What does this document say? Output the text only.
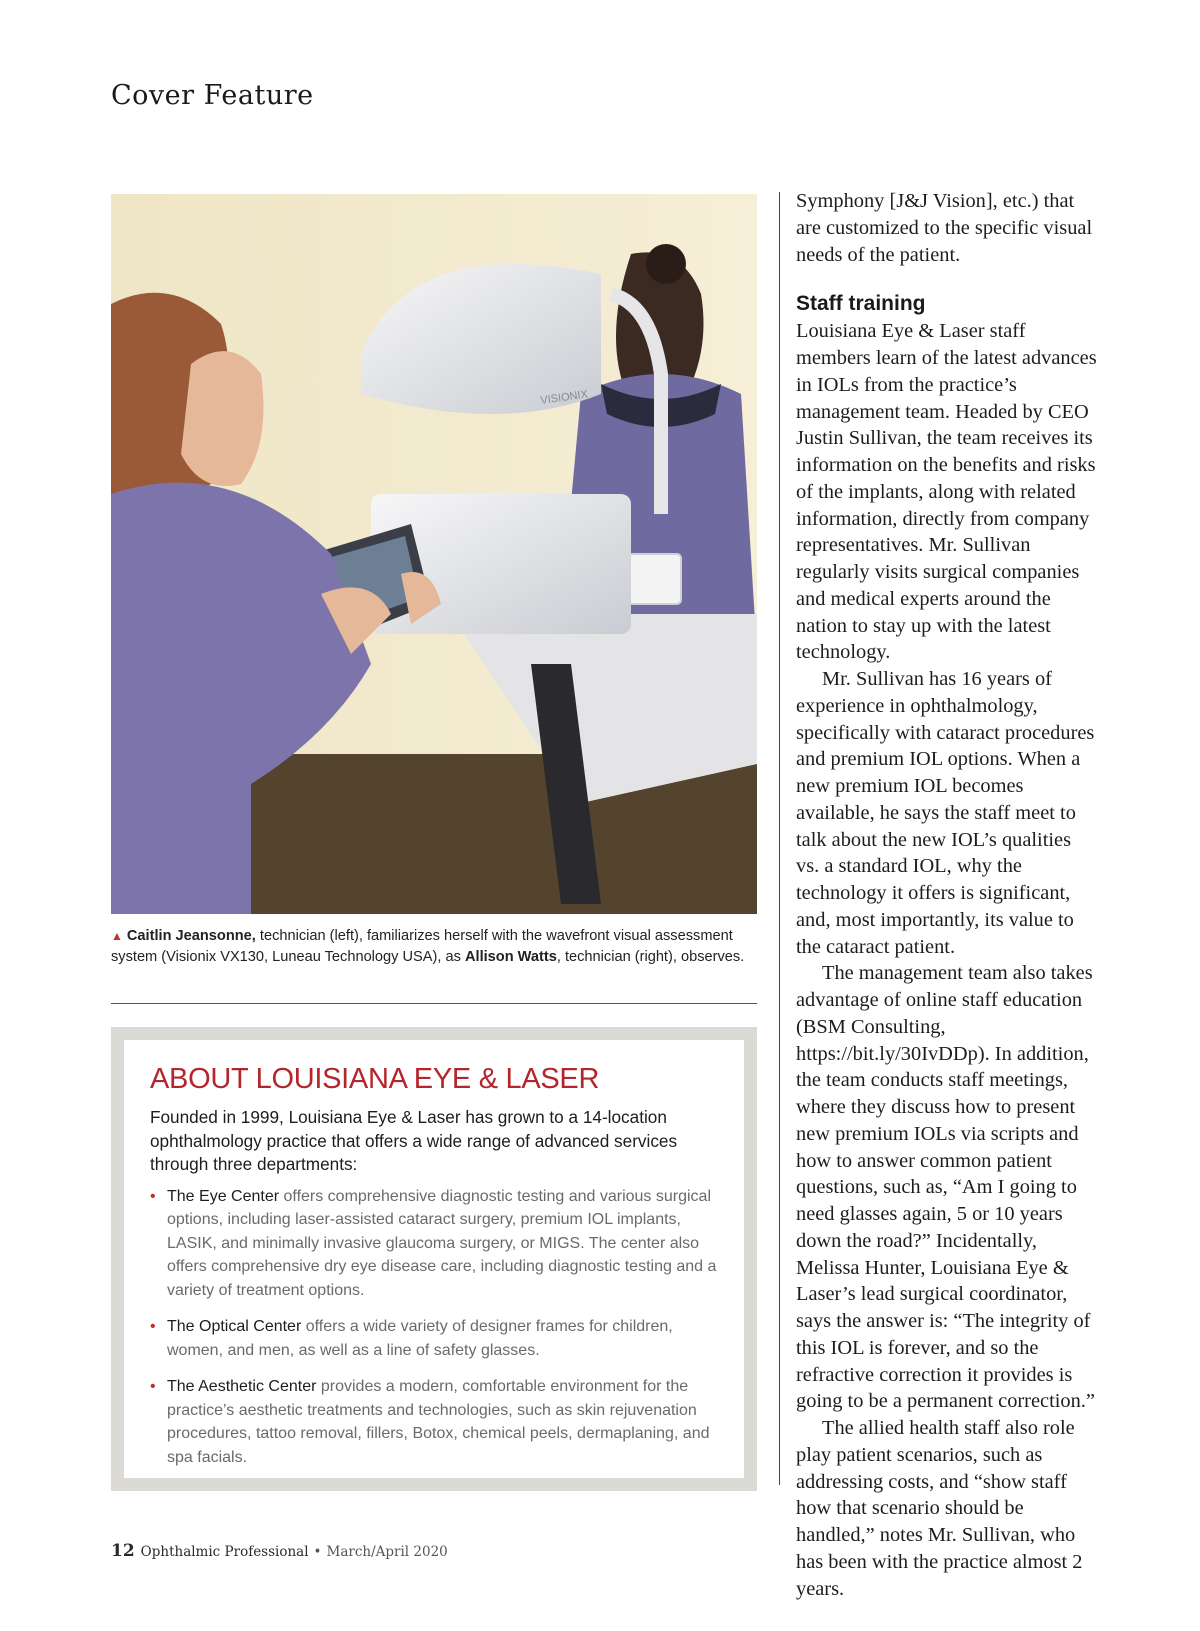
Cover Feature
VISIONIX

▲ Caitlin Jeansonne, technician (left), familiarizes herself with the wavefront visual assessment system (Visionix VX130, Luneau Technology USA), as Allison Watts, technician (right), observes.

ABOUT LOUISIANA EYE & LASER

Founded in 1999, Louisiana Eye & Laser has grown to a 14-location ophthalmology practice that offers a wide range of advanced services through three departments:

• The Eye Center offers comprehensive diagnostic testing and various surgical options, including laser-assisted cataract surgery, premium IOL implants, LASIK, and minimally invasive glaucoma surgery, or MIGS. The center also offers comprehensive dry eye disease care, including diagnostic testing and a variety of treatment options.
• The Optical Center offers a wide variety of designer frames for children, women, and men, as well as a line of safety glasses.
• The Aesthetic Center provides a modern, comfortable environment for the practice’s aesthetic treatments and technologies, such as skin rejuvenation procedures, tattoo removal, fillers, Botox, chemical peels, dermaplaning, and spa facials.

Symphony [J&J Vision], etc.) that are customized to the specific visual needs of the patient.

Staff training

Louisiana Eye & Laser staff members learn of the latest advances in IOLs from the practice’s management team. Headed by CEO Justin Sullivan, the team receives its information on the benefits and risks of the implants, along with related information, directly from company representatives. Mr. Sullivan regularly visits surgical companies and medical experts around the nation to stay up with the latest technology.

Mr. Sullivan has 16 years of experience in ophthalmology, specifically with cataract procedures and premium IOL options. When a new premium IOL becomes available, he says the staff meet to talk about the new IOL’s qualities vs. a standard IOL, why the technology it offers is significant, and, most importantly, its value to the cataract patient.

The management team also takes advantage of online staff education (BSM Consulting, https://bit.ly/30IvDDp). In addition, the team conducts staff meetings, where they discuss how to present new premium IOLs via scripts and how to answer common patient questions, such as, “Am I going to need glasses again, 5 or 10 years down the road?” Incidentally, Melissa Hunter, Louisiana Eye & Laser’s lead surgical coordinator, says the answer is: “The integrity of this IOL is forever, and so the refractive correction it provides is going to be a permanent correction.”

The allied health staff also role play patient scenarios, such as addressing costs, and “show staff how that scenario should be handled,” notes Mr. Sullivan, who has been with the practice almost 2 years.

12 Ophthalmic Professional • March/April 2020
